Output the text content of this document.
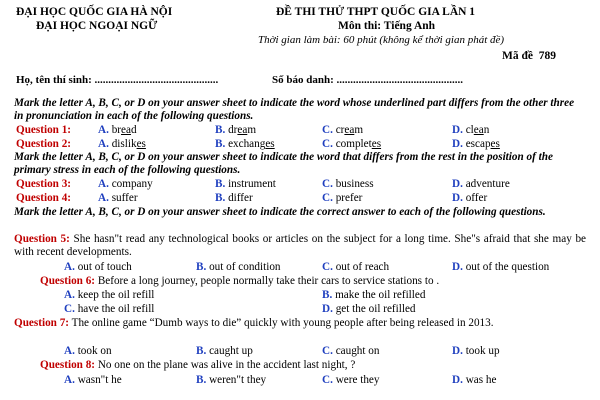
ĐẠI HỌC QUỐC GIA HÀ NỘI
ĐẠI HỌC NGOẠI NGỮ
ĐỀ THI THỬ THPT QUỐC GIA LẦN 1
Môn thi: Tiếng Anh
Thời gian làm bài: 60 phút (không kể thời gian phát đề)
Mã đề 789
Họ, tên thí sinh: .............................................	Số báo danh: ..............................................
Mark the letter A, B, C, or D on your answer sheet to indicate the word whose underlined part differs from the other three in pronunciation in each of the following questions.
Question 1: A. bread	B. dream	C. cream	D. clean
Question 2: A. dislikes	B. exchanges	C. completes	D. escapes
Mark the letter A, B, C, or D on your answer sheet to indicate the word that differs from the rest in the position of the primary stress in each of the following questions.
Question 3: A. company	B. instrument	C. business	D. adventure
Question 4: A. suffer	B. differ	C. prefer	D. offer
Mark the letter A, B, C, or D on your answer sheet to indicate the correct answer to each of the following questions.
Question 5: She hasn"t read any technological books or articles on the subject for a long time. She"s afraid that she may be with recent developments.
A. out of touch	B. out of condition	C. out of reach	D. out of the question
Question 6: Before a long journey, people normally take their cars to service stations to .
A. keep the oil refill	B. make the oil refilled
C. have the oil refill	D. get the oil refilled
Question 7: The online game “Dumb ways to die” quickly with young people after being released in 2013.
A. took on	B. caught up	C. caught on	D. took up
Question 8: No one on the plane was alive in the accident last night, ?
A. wasn"t he	B. weren"t they	C. were they	D. was he
